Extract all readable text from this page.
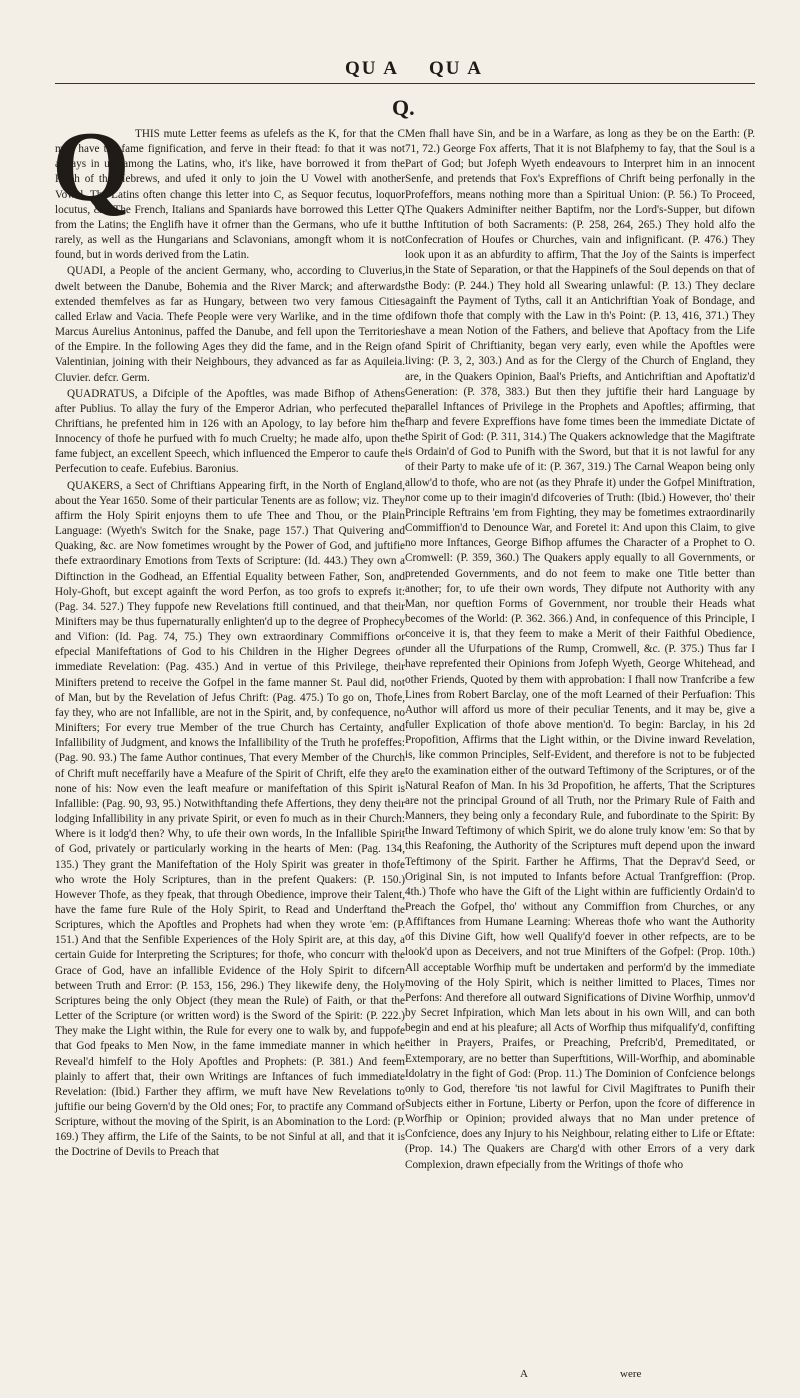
QU A QU A
Q.
Q THIS mute Letter feems as ufelefs as the K, for that the C may have the fame fignification, and ferve in their ftead: fo that it was not always in ufe among the Latins, who, it's like, have borrowed it from the Koph of the Hebrews, and ufed it only to join the U Vowel with another Vowel. The Latins often change this letter into C, as Sequor fecutus, loquor locutus, &c. The French, Italians and Spaniards have borrowed this Letter Q from the Latins; the Englifh have it ofrner than the Germans, who ufe it but rarely, as well as the Hungarians and Sclavonians, amongft whom it is not found, but in words derived from the Latin.

QUADI, a People of the ancient Germany, who, according to Cluverius, dwelt between the Danube, Bohemia and the River Marck; and afterwards extended themfelves as far as Hungary, between two very famous Cities called Erlaw and Vacia. Thefe People were very Warlike, and in the time of Marcus Aurelius Antoninus, paffed the Danube, and fell upon the Territories of the Empire. In the following Ages they did the fame, and in the Reign of Valentinian, joining with their Neighbours, they advanced as far as Aquileia. Cluvier. defcr. Germ.

QUADRATUS, a Difciple of the Apoftles, was made Bifhop of Athens after Publius. To allay the fury of the Emperor Adrian, who perfecuted the Chriftians, he prefented him in 126 with an Apology, to lay before him the Innocency of thofe he purfued with fo much Cruelty; he made alfo, upon the fame fubject, an excellent Speech, which influenced the Emperor to caufe the Perfecution to ceafe. Eufebius. Baronius.

QUAKERS, a Sect of Chriftians Appearing firft, in the North of England, about the Year 1650. Some of their particular Tenents are as follow; viz. They affirm the Holy Spirit enjoyns them to ufe Thee and Thou, or the Plain Language: (Wyeth's Switch for the Snake, page 157.) That Quivering and Quaking, &c. are Now fometimes wrought by the Power of God, and juftifie thefe extraordinary Emotions from Texts of Scripture: (Id. 443.) They own a Diftinction in the Godhead, an Effential Equality between Father, Son, and Holy-Ghoft, but except againft the word Perfon, as too grofs to exprefs it: (Pag. 34. 527.) They fuppofe new Revelations ftill continued, and that their Minifters may be thus fupernaturally enlighten'd up to the degree of Prophecy and Vifion: (Id. Pag. 74, 75.) They own extraordinary Commiffions or efpecial Manifeftations of God to his Children in the Higher Degrees of immediate Revelation: (Pag. 435.) And in vertue of this Privilege, their Minifters pretend to receive the Gofpel in the fame manner St. Paul did, not of Man, but by the Revelation of Jefus Chrift: (Pag. 475.) To go on, Thofe, fay they, who are not Infallible, are not in the Spirit, and, by confequence, no Minifters; For every true Member of the true Church has Certainty, and Infallibility of Judgment, and knows the Infallibility of the Truth he profeffes: (Pag. 90. 93.) The fame Author continues, That every Member of the Church of Chrift muft neceffarily have a Meafure of the Spirit of Chrift, elfe they are none of his: Now even the leaft meafure or manifeftation of this Spirit is Infallible: (Pag. 90, 93, 95.) Notwithftanding thefe Affertions, they deny their lodging Infallibility in any private Spirit, or even fo much as in their Church: Where is it lodg'd then? Why, to ufe their own words, In the Infallible Spirit of God, privately or particularly working in the hearts of Men: (Pag. 134, 135.) They grant the Manifeftation of the Holy Spirit was greater in thofe who wrote the Holy Scriptures, than in the prefent Quakers: (P. 150.) However Thofe, as they fpeak, that through Obedience, improve their Talent, have the fame fure Rule of the Holy Spirit, to Read and Underftand the Scriptures, which the Apoftles and Prophets had when they wrote 'em: (P. 151.) And that the Senfible Experiences of the Holy Spirit are, at this day, a certain Guide for Interpreting the Scriptures; for thofe, who concurr with the Grace of God, have an infallible Evidence of the Holy Spirit to difcern between Truth and Error: (P. 153, 156, 296.) They likewife deny, the Holy Scriptures being the only Object (they mean the Rule) of Faith, or that the Letter of the Scripture (or written word) is the Sword of the Spirit: (P. 222.) They make the Light within, the Rule for every one to walk by, and fuppofe that God fpeaks to Men Now, in the fame immediate manner in which he Reveal'd himfelf to the Holy Apoftles and Prophets: (P. 381.) And feem plainly to affert that, their own Writings are Inftances of fuch immediate Revelation: (Ibid.) Farther they affirm, we muft have New Revelations to juftifie our being Govern'd by the Old ones; For, to practife any Command of Scripture, without the moving of the Spirit, is an Abomination to the Lord: (P. 169.) They affirm, the Life of the Saints, to be not Sinful at all, and that it is the Doctrine of Devils to Preach that

Men fhall have Sin, and be in a Warfare, as long as they be on the Earth: (P. 71, 72.) George Fox afferts, That it is not Blafphemy to fay, that the Soul is a Part of God; but Jofeph Wyeth endeavours to Interpret him in an innocent Senfe, and pretends that Fox's Expreffions of Chrift being perfonally in the Profeffors, means nothing more than a Spiritual Union: (P. 56.) To Proceed, The Quakers Adminifter neither Baptifm, nor the Lord's-Supper, but difown the Inftitution of both Sacraments: (P. 258, 264, 265.) They hold alfo the Confecration of Houfes or Churches, vain and infignificant. (P. 476.) They look upon it as an abfurdity to affirm, That the Joy of the Saints is imperfect in the State of Separation, or that the Happinefs of the Soul depends on that of the Body: (P. 244.) They hold all Swearing unlawful: (P. 13.) They declare againft the Payment of Tyths, call it an Antichriftian Yoak of Bondage, and difown thofe that comply with the Law in th's Point: (P. 13, 416, 371.) They have a mean Notion of the Fathers, and believe that Apoftacy from the Life and Spirit of Chriftianity, began very early, even while the Apoftles were living: (P. 3, 2, 303.) And as for the Clergy of the Church of England, they are, in the Quakers Opinion, Baal's Priefts, and Antichriftian and Apoftatiz'd Generation: (P. 378, 383.) But then they juftifie their hard Language by parallel Inftances of Privilege in the Prophets and Apoftles; affirming, that fharp and fevere Expreffions have fome times been the immediate Dictate of the Spirit of God: (P. 311, 314.) The Quakers acknowledge that the Magiftrate is Ordain'd of God to Punifh with the Sword, but that it is not lawful for any of their Party to make ufe of it: (P. 367, 319.) The Carnal Weapon being only allow'd to thofe, who are not (as they Phrafe it) under the Gofpel Miniftration, nor come up to their imagin'd difcoveries of Truth: (Ibid.) However, tho' their Principle Reftrains 'em from Fighting, they may be fometimes extraordinarily Commiffion'd to Denounce War, and Foretel it: And upon this Claim, to give no more Inftances, George Bifhop affumes the Character of a Prophet to O. Cromwell: (P. 359, 360.) The Quakers apply equally to all Governments, or pretended Governments, and do not feem to make one Title better than another; for, to ufe their own words, They difpute not Authority with any Man, nor queftion Forms of Government, nor trouble their Heads what becomes of the World: (P. 362. 366.) And, in confequence of this Principle, I conceive it is, that they feem to make a Merit of their Faithful Obedience, under all the Ufurpations of the Rump, Cromwell, &c. (P. 375.) Thus far I have reprefented their Opinions from Jofeph Wyeth, George Whitehead, and other Friends, Quoted by them with approbation: I fhall now Tranfcribe a few Lines from Robert Barclay, one of the moft Learned of their Perfuafion: This Author will afford us more of their peculiar Tenents, and it may be, give a fuller Explication of thofe above mention'd. To begin: Barclay, in his 2d Propofition, Affirms that the Light within, or the Divine inward Revelation, is, like common Principles, Self-Evident, and therefore is not to be fubjected to the examination either of the outward Teftimony of the Scriptures, or of the Natural Reafon of Man. In his 3d Propofition, he afferts, That the Scriptures are not the principal Ground of all Truth, nor the Primary Rule of Faith and Manners, they being only a fecondary Rule, and fubordinate to the Spirit: By the Inward Teftimony of which Spirit, we do alone truly know 'em: So that by this Reafoning, the Authority of the Scriptures muft depend upon the inward Teftimony of the Spirit. Farther he Affirms, That the Deprav'd Seed, or Original Sin, is not imputed to Infants before Actual Tranfgreffion: (Prop. 4th.) Thofe who have the Gift of the Light within are fufficiently Ordain'd to Preach the Gofpel, tho' without any Commiffion from Churches, or any Affiftances from Humane Learning: Whereas thofe who want the Authority of this Divine Gift, how well Qualify'd foever in other refpects, are to be look'd upon as Deceivers, and not true Minifters of the Gofpel: (Prop. 10th.) All acceptable Worfhip muft be undertaken and perform'd by the immediate moving of the Holy Spirit, which is neither limitted to Places, Times nor Perfons: And therefore all outward Significations of Divine Worfhip, unmov'd by Secret Infpiration, which Man lets about in his own Will, and can both begin and end at his pleafure; all Acts of Worfhip thus mifqualify'd, confifting either in Prayers, Praifes, or Preaching, Prefcrib'd, Premeditated, or Extemporary, are no better than Superftitions, Will-Worfhip, and abominable Idolatry in the fight of God: (Prop. 11.) The Dominion of Confcience belongs only to God, therefore 'tis not lawful for Civil Magiftrates to Punifh their Subjects either in Fortune, Liberty or Perfon, upon the fcore of difference in Worfhip or Opinion; provided always that no Man under pretence of Confcience, does any Injury to his Neighbour, relating either to Life or Eftate: (Prop. 14.) The Quakers are Charg'd with other Errors of a very dark Complexion, drawn efpecially from the Writings of thofe who

A	were
